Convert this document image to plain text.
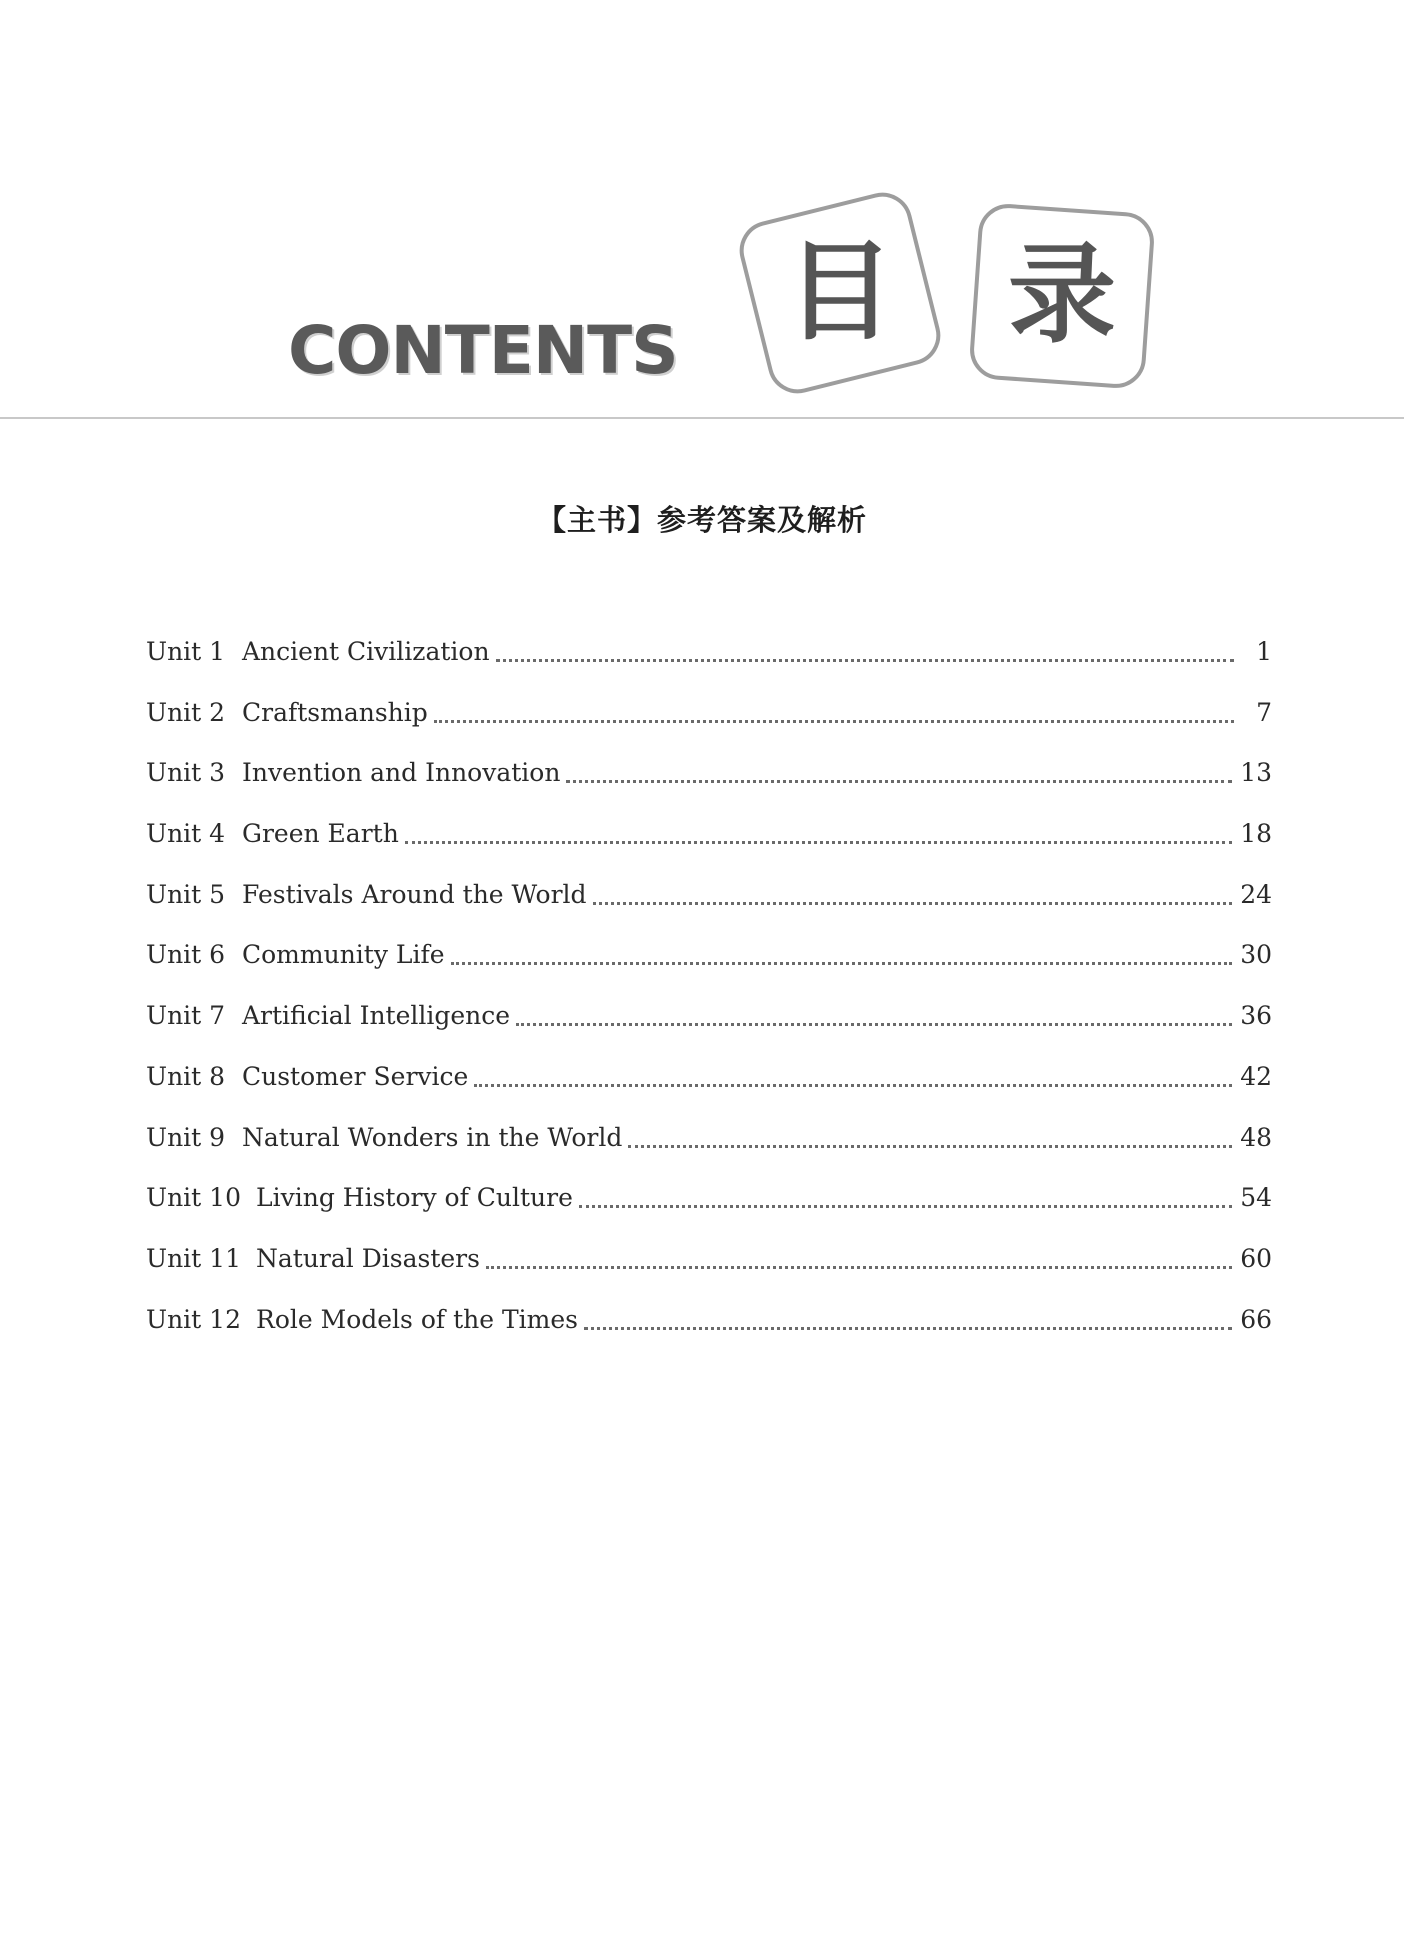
CONTENTS 目 录
【主书】参考答案及解析
Unit 1 Ancient Civilization	1
Unit 2 Craftsmanship	7
Unit 3 Invention and Innovation	13
Unit 4 Green Earth	18
Unit 5 Festivals Around the World	24
Unit 6 Community Life	30
Unit 7 Artificial Intelligence	36
Unit 8 Customer Service	42
Unit 9 Natural Wonders in the World	48
Unit 10 Living History of Culture	54
Unit 11 Natural Disasters	60
Unit 12 Role Models of the Times	66
